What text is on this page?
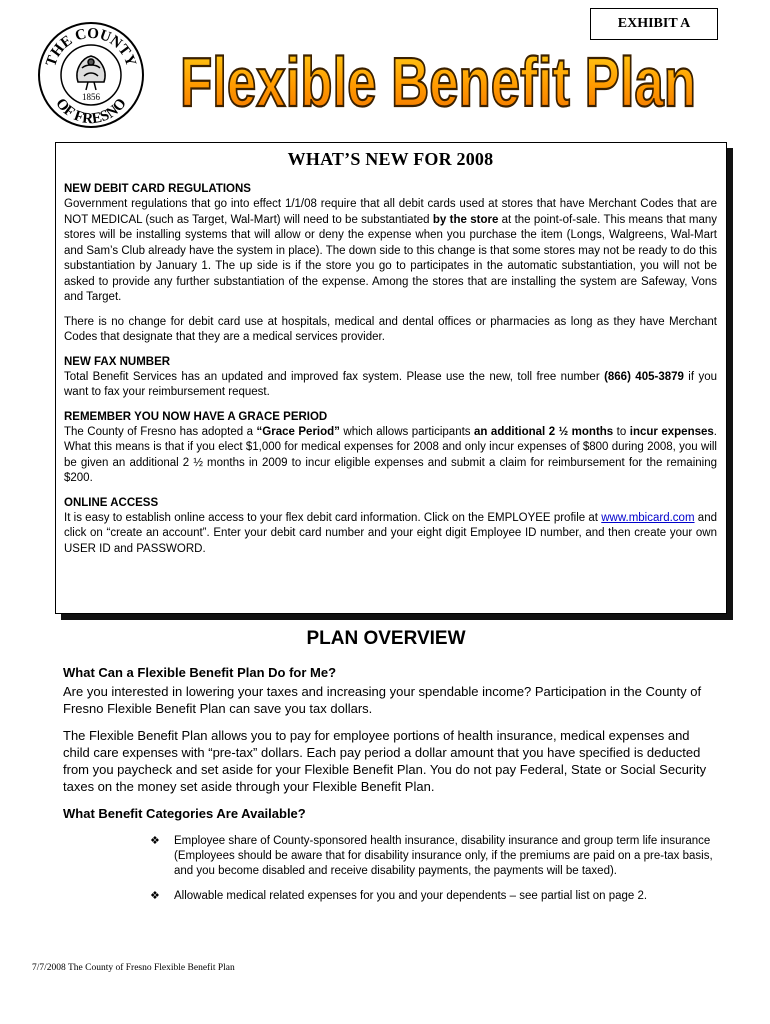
THE COUNTY
OF FRESNO
1856
EXHIBIT A
Flexible Benefit Plan
WHAT’S NEW FOR 2008
NEW DEBIT CARD REGULATIONS

Government regulations that go into effect 1/1/08 require that all debit cards used at stores that have Merchant Codes that are NOT MEDICAL (such as Target, Wal-Mart) will need to be substantiated by the store at the point-of-sale. This means that many stores will be installing systems that will allow or deny the expense when you purchase the item (Longs, Walgreens, Wal-Mart and Sam’s Club already have the system in place). The down side to this change is that some stores may not be ready to do this substantiation by January 1. The up side is if the store you go to participates in the automatic substantiation, you will not be asked to provide any further substantiation of the expense. Among the stores that are installing the system are Safeway, Vons and Target.

There is no change for debit card use at hospitals, medical and dental offices or pharmacies as long as they have Merchant Codes that designate that they are a medical services provider.

NEW FAX NUMBER

Total Benefit Services has an updated and improved fax system. Please use the new, toll free number (866) 405-3879 if you want to fax your reimbursement request.

REMEMBER YOU NOW HAVE A GRACE PERIOD

The County of Fresno has adopted a “Grace Period” which allows participants an additional 2 ½ months to incur expenses. What this means is that if you elect $1,000 for medical expenses for 2008 and only incur expenses of $800 during 2008, you will be given an additional 2 ½ months in 2009 to incur eligible expenses and submit a claim for reimbursement for the remaining $200.

ONLINE ACCESS

It is easy to establish online access to your flex debit card information. Click on the EMPLOYEE profile at www.mbicard.com and click on “create an account”. Enter your debit card number and your eight digit Employee ID number, and then create your own USER ID and PASSWORD.

PLAN OVERVIEW
What Can a Flexible Benefit Plan Do for Me?

Are you interested in lowering your taxes and increasing your spendable income? Participation in the County of Fresno Flexible Benefit Plan can save you tax dollars.

The Flexible Benefit Plan allows you to pay for employee portions of health insurance, medical expenses and child care expenses with “pre-tax” dollars. Each pay period a dollar amount that you have specified is deducted from you paycheck and set aside for your Flexible Benefit Plan. You do not pay Federal, State or Social Security taxes on the money set aside through your Flexible Benefit Plan.

What Benefit Categories Are Available?
❖	Employee share of County-sponsored health insurance, disability insurance and group term life insurance (Employees should be aware that for disability insurance only, if the premiums are paid on a pre-tax basis, and you become disabled and receive disability payments, the payments will be taxed).
❖	Allowable medical related expenses for you and your dependents – see partial list on page 2.
7/7/2008 The County of Fresno Flexible Benefit Plan
